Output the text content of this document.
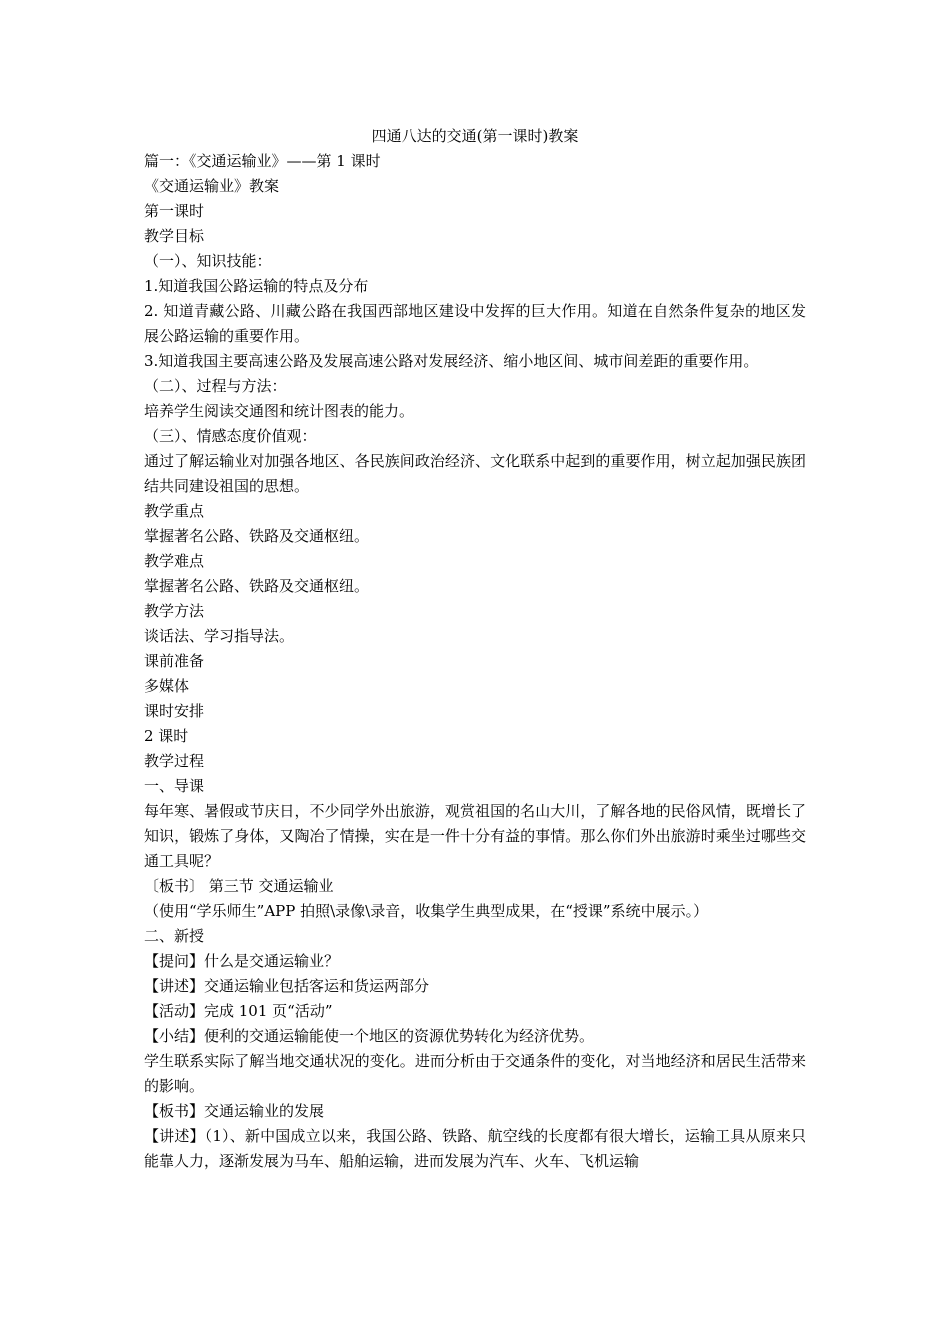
四通八达的交通(第一课时)教案
篇一：《交通运输业》——第 1 课时
《交通运输业》教案
第一课时
教学目标
（一）、知识技能：
1.知道我国公路运输的特点及分布
2. 知道青藏公路、川藏公路在我国西部地区建设中发挥的巨大作用。知道在自然条件复杂的地区发展公路运输的重要作用。
3.知道我国主要高速公路及发展高速公路对发展经济、缩小地区间、城市间差距的重要作用。
（二）、过程与方法：
培养学生阅读交通图和统计图表的能力。
（三）、情感态度价值观：
通过了解运输业对加强各地区、各民族间政治经济、文化联系中起到的重要作用，树立起加强民族团结共同建设祖国的思想。
教学重点
掌握著名公路、铁路及交通枢纽。
教学难点
掌握著名公路、铁路及交通枢纽。
教学方法
谈话法、学习指导法。
课前准备
多媒体
课时安排
2 课时
教学过程
一、导课
每年寒、暑假或节庆日，不少同学外出旅游，观赏祖国的名山大川，了解各地的民俗风情，既增长了知识，锻炼了身体，又陶冶了情操，实在是一件十分有益的事情。那么你们外出旅游时乘坐过哪些交通工具呢？
〔板书〕 第三节 交通运输业
（使用“学乐师生”APP 拍照\录像\录音，收集学生典型成果，在“授课”系统中展示。）
二、新授
【提问】什么是交通运输业？
【讲述】交通运输业包括客运和货运两部分
【活动】完成 101 页“活动”
【小结】便利的交通运输能使一个地区的资源优势转化为经济优势。
学生联系实际了解当地交通状况的变化。进而分析由于交通条件的变化，对当地经济和居民生活带来的影响。
【板书】交通运输业的发展
【讲述】（1）、新中国成立以来，我国公路、铁路、航空线的长度都有很大增长，运输工具从原来只能靠人力，逐渐发展为马车、船舶运输，进而发展为汽车、火车、飞机运输
